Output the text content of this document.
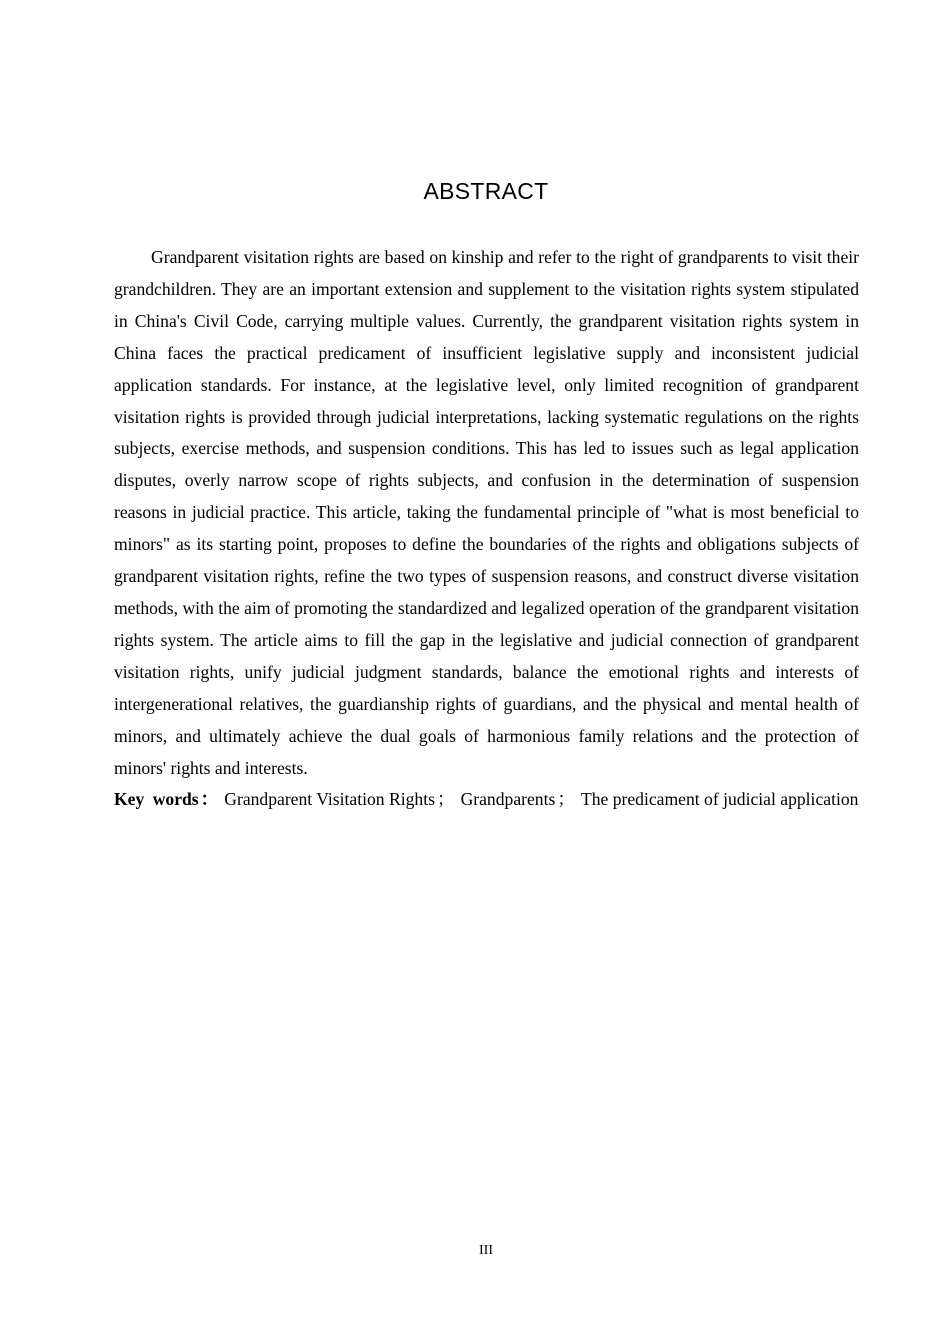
ABSTRACT

Grandparent visitation rights are based on kinship and refer to the right of grandparents to visit their grandchildren. They are an important extension and supplement to the visitation rights system stipulated in China's Civil Code, carrying multiple values. Currently, the grandparent visitation rights system in China faces the practical predicament of insufficient legislative supply and inconsistent judicial application standards. For instance, at the legislative level, only limited recognition of grandparent visitation rights is provided through judicial interpretations, lacking systematic regulations on the rights subjects, exercise methods, and suspension conditions. This has led to issues such as legal application disputes, overly narrow scope of rights subjects, and confusion in the determination of suspension reasons in judicial practice. This article, taking the fundamental principle of "what is most beneficial to minors" as its starting point, proposes to define the boundaries of the rights and obligations subjects of grandparent visitation rights, refine the two types of suspension reasons, and construct diverse visitation methods, with the aim of promoting the standardized and legalized operation of the grandparent visitation rights system. The article aims to fill the gap in the legislative and judicial connection of grandparent visitation rights, unify judicial judgment standards, balance the emotional rights and interests of intergenerational relatives, the guardianship rights of guardians, and the physical and mental health of minors, and ultimately achieve the dual goals of harmonious family relations and the protection of minors' rights and interests.

Key words ： Grandparent Visitation Rights ； Grandparents ； The predicament of judicial application

III
